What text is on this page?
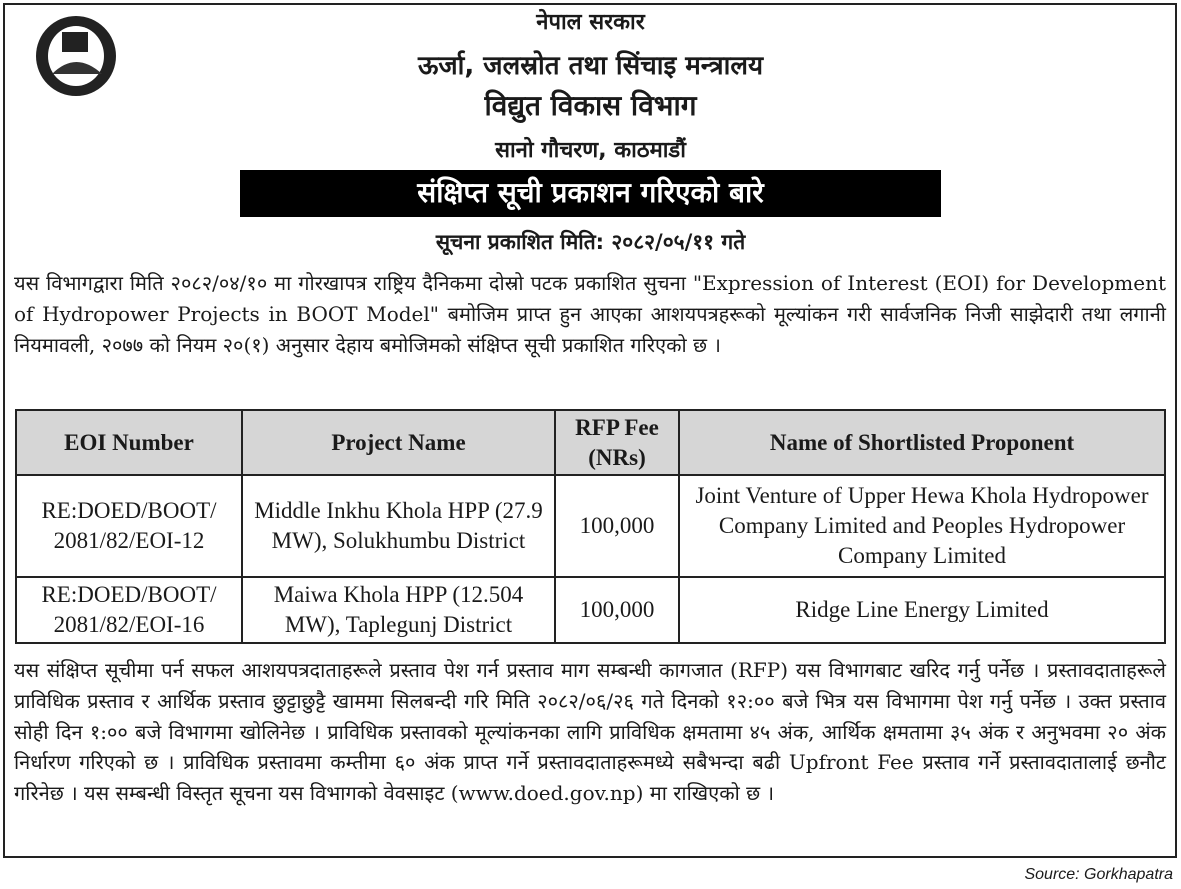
नेपाल सरकार
ऊर्जा, जलस्रोत तथा सिंचाइ मन्त्रालय
विद्युत विकास विभाग
सानो गौचरण, काठमाडौं
संक्षिप्त सूची प्रकाशन गरिएको बारे
सूचना प्रकाशित मिति: २०८२/०५/११ गते
यस विभागद्वारा मिति २०८२/०४/१० मा गोरखापत्र राष्ट्रिय दैनिकमा दोस्रो पटक प्रकाशित सुचना "Expression of Interest (EOI) for Development of Hydropower Projects in BOOT Model" बमोजिम प्राप्त हुन आएका आशयपत्रहरूको मूल्यांकन गरी सार्वजनिक निजी साझेदारी तथा लगानी नियमावली, २०७७ को नियम २०(१) अनुसार देहाय बमोजिमको संक्षिप्त सूची प्रकाशित गरिएको छ ।
EOI Number	Project Name	RFP Fee (NRs)	Name of Shortlisted Proponent
RE:DOED/BOOT/ 2081/82/EOI-12	Middle Inkhu Khola HPP (27.9 MW), Solukhumbu District	100,000	Joint Venture of Upper Hewa Khola Hydropower Company Limited and Peoples Hydropower Company Limited
RE:DOED/BOOT/ 2081/82/EOI-16	Maiwa Khola HPP (12.504 MW), Taplegunj District	100,000	Ridge Line Energy Limited
यस संक्षिप्त सूचीमा पर्न सफल आशयपत्रदाताहरूले प्रस्ताव पेश गर्न प्रस्ताव माग सम्बन्धी कागजात (RFP) यस विभागबाट खरिद गर्नु पर्नेछ । प्रस्तावदाताहरूले प्राविधिक प्रस्ताव र आर्थिक प्रस्ताव छुट्टाछुट्टै खाममा सिलबन्दी गरि मिति २०८२/०६/२६ गते दिनको १२:०० बजे भित्र यस विभागमा पेश गर्नु पर्नेछ । उक्त प्रस्ताव सोही दिन १:०० बजे विभागमा खोलिनेछ । प्राविधिक प्रस्तावको मूल्यांकनका लागि प्राविधिक क्षमतामा ४५ अंक, आर्थिक क्षमतामा ३५ अंक र अनुभवमा २० अंक निर्धारण गरिएको छ । प्राविधिक प्रस्तावमा कम्तीमा ६० अंक प्राप्त गर्ने प्रस्तावदाताहरूमध्ये सबैभन्दा बढी Upfront Fee प्रस्ताव गर्ने प्रस्तावदातालाई छनौट गरिनेछ । यस सम्बन्धी विस्तृत सूचना यस विभागको वेवसाइट (www.doed.gov.np) मा राखिएको छ ।
Source: Gorkhapatra
